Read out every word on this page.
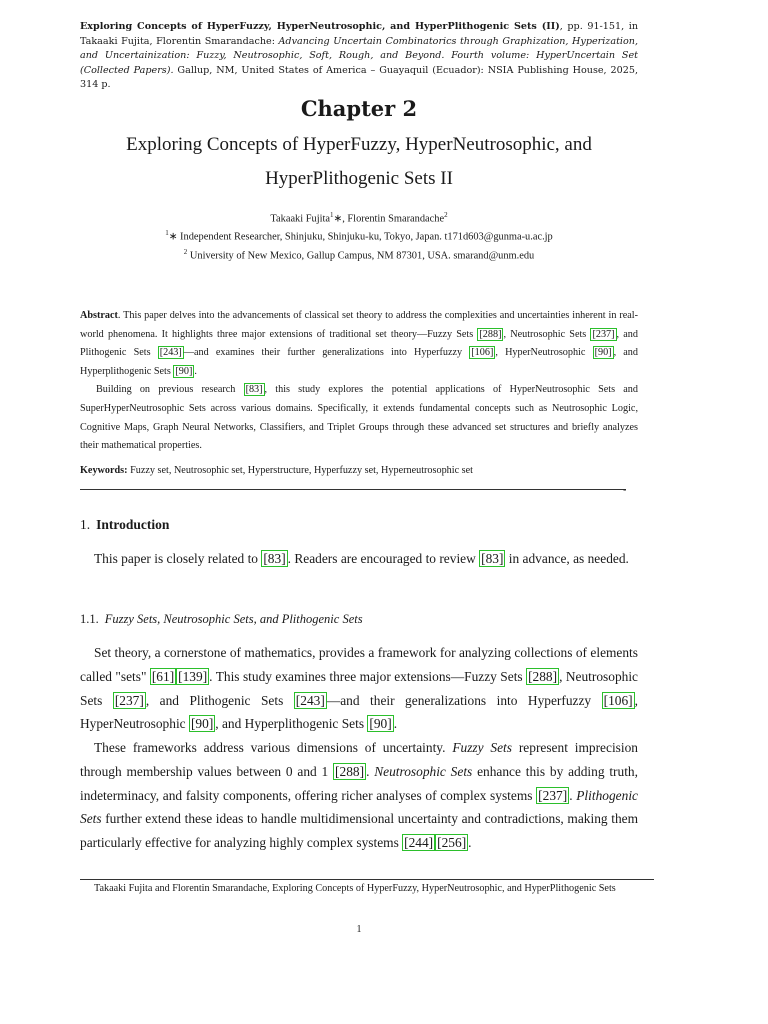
Exploring Concepts of HyperFuzzy, HyperNeutrosophic, and HyperPlithogenic Sets (II), pp. 91-151, in Takaaki Fujita, Florentin Smarandache: Advancing Uncertain Combinatorics through Graphization, Hyperization, and Uncertainization: Fuzzy, Neutrosophic, Soft, Rough, and Beyond. Fourth volume: HyperUncertain Set (Collected Papers). Gallup, NM, United States of America – Guayaquil (Ecuador): NSIA Publishing House, 2025, 314 p.

Chapter 2
Exploring Concepts of HyperFuzzy, HyperNeutrosophic, and
HyperPlithogenic Sets II
Takaaki Fujita$^1$∗, Florentin Smarandache$^2$
$^1$∗ Independent Researcher, Shinjuku, Shinjuku-ku, Tokyo, Japan. t171d603@gunma-u.ac.jp
$^2$ University of New Mexico, Gallup Campus, NM 87301, USA. smarand@unm.edu

Abstract. This paper delves into the advancements of classical set theory to address the complexities and uncertainties inherent in real-world phenomena. It highlights three major extensions of traditional set theory—Fuzzy Sets [288] , Neutrosophic Sets [237] , and Plithogenic Sets [243] —and examines their further generalizations into Hyperfuzzy [106] , HyperNeutrosophic [90] , and Hyperplithogenic Sets [90] .

Building on previous research [83] , this study explores the potential applications of HyperNeutrosophic Sets and SuperHyperNeutrosophic Sets across various domains. Specifically, it extends fundamental concepts such as Neutrosophic Logic, Cognitive Maps, Graph Neural Networks, Classifiers, and Triplet Groups through these advanced set structures and briefly analyzes their mathematical properties.

Keywords: Fuzzy set, Neutrosophic set, Hyperstructure, Hyperfuzzy set, Hyperneutrosophic set

-
1. Introduction

This paper is closely related to [83] . Readers are encouraged to review [83] in advance, as needed.

1.1. Fuzzy Sets, Neutrosophic Sets, and Plithogenic Sets

Set theory, a cornerstone of mathematics, provides a framework for analyzing collections of elements called "sets" [61] [139] . This study examines three major extensions—Fuzzy Sets [288] , Neutrosophic Sets [237] , and Plithogenic Sets [243] —and their generalizations into Hyperfuzzy [106] , HyperNeutrosophic [90] , and Hyperplithogenic Sets [90] .

These frameworks address various dimensions of uncertainty. Fuzzy Sets represent imprecision through membership values between 0 and 1 [288] . Neutrosophic Sets enhance this by adding truth, indeterminacy, and falsity components, offering richer analyses of complex systems [237] . Plithogenic Sets further extend these ideas to handle multidimensional uncertainty and contradictions, making them particularly effective for analyzing highly complex systems [244] [256] .

Takaaki Fujita and Florentin Smarandache, Exploring Concepts of HyperFuzzy, HyperNeutrosophic, and HyperPlithogenic Sets

1
